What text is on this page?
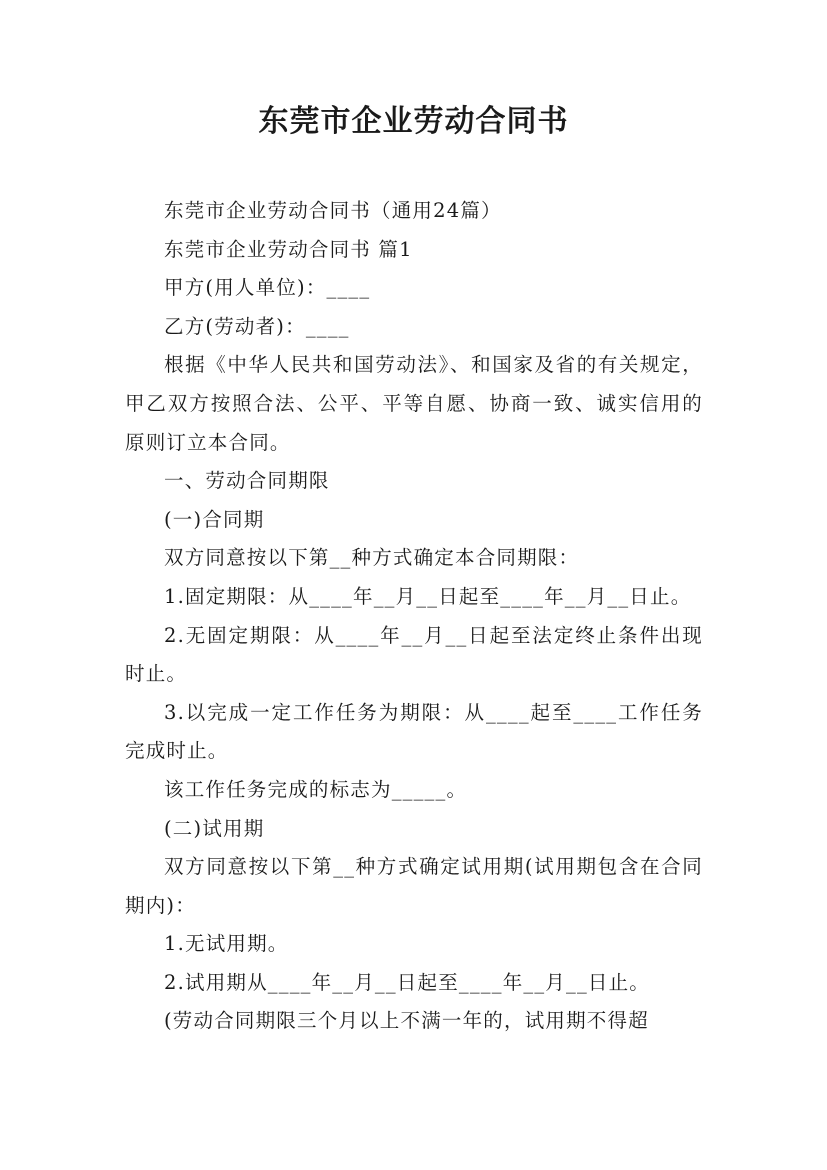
东莞市企业劳动合同书

东莞市企业劳动合同书（通用24篇）

东莞市企业劳动合同书 篇1

甲方(用人单位)：____

乙方(劳动者)：____

根据《中华人民共和国劳动法》、和国家及省的有关规定，甲乙双方按照合法、公平、平等自愿、协商一致、诚实信用的原则订立本合同。

一、劳动合同期限

(一)合同期

双方同意按以下第__种方式确定本合同期限：

1.固定期限：从____年__月__日起至____年__月__日止。

2.无固定期限：从____年__月__日起至法定终止条件出现时止。

3.以完成一定工作任务为期限：从____起至____工作任务完成时止。

该工作任务完成的标志为_____。

(二)试用期

双方同意按以下第__种方式确定试用期(试用期包含在合同期内)：

1.无试用期。

2.试用期从____年__月__日起至____年__月__日止。

(劳动合同期限三个月以上不满一年的，试用期不得超
